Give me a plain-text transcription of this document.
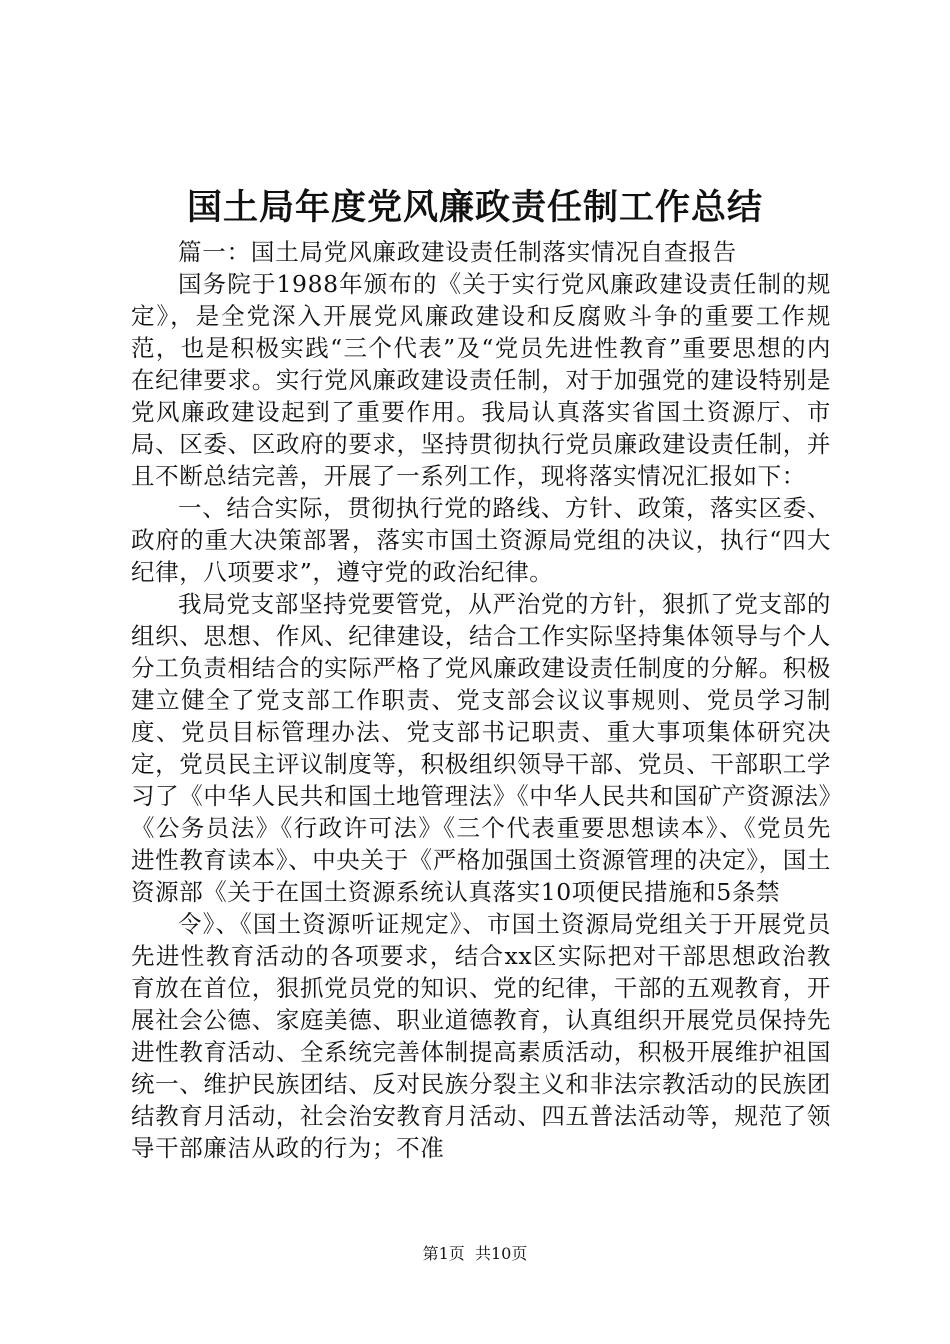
国土局年度党风廉政责任制工作总结

篇一：国土局党风廉政建设责任制落实情况自查报告

国务院于1988年颁布的《关于实行党风廉政建设责任制的规定》，是全党深入开展党风廉政建设和反腐败斗争的重要工作规范，也是积极实践“三个代表”及“党员先进性教育”重要思想的内在纪律要求。实行党风廉政建设责任制，对于加强党的建设特别是党风廉政建设起到了重要作用。我局认真落实省国土资源厅、市局、区委、区政府的要求，坚持贯彻执行党员廉政建设责任制，并且不断总结完善，开展了一系列工作，现将落实情况汇报如下：

一、结合实际，贯彻执行党的路线、方针、政策，落实区委、政府的重大决策部署，落实市国土资源局党组的决议，执行“四大纪律，八项要求”，遵守党的政治纪律。

我局党支部坚持党要管党，从严治党的方针，狠抓了党支部的组织、思想、作风、纪律建设，结合工作实际坚持集体领导与个人分工负责相结合的实际严格了党风廉政建设责任制度的分解。积极建立健全了党支部工作职责、党支部会议议事规则、党员学习制度、党员目标管理办法、党支部书记职责、重大事项集体研究决定，党员民主评议制度等，积极组织领导干部、党员、干部职工学习了《中华人民共和国土地管理法》《中华人民共和国矿产资源法》《公务员法》《行政许可法》《三个代表重要思想读本》、《党员先进性教育读本》、中央关于《严格加强国土资源管理的决定》，国土资源部《关于在国土资源系统认真落实10项便民措施和5条禁

令》、《国土资源听证规定》、市国土资源局党组关于开展党员先进性教育活动的各项要求，结合xx区实际把对干部思想政治教育放在首位，狠抓党员党的知识、党的纪律，干部的五观教育，开展社会公德、家庭美德、职业道德教育，认真组织开展党员保持先进性教育活动、全系统完善体制提高素质活动，积极开展维护祖国统一、维护民族团结、反对民族分裂主义和非法宗教活动的民族团结教育月活动，社会治安教育月活动、四五普法活动等，规范了领导干部廉洁从政的行为；不准

第1页 共10页
